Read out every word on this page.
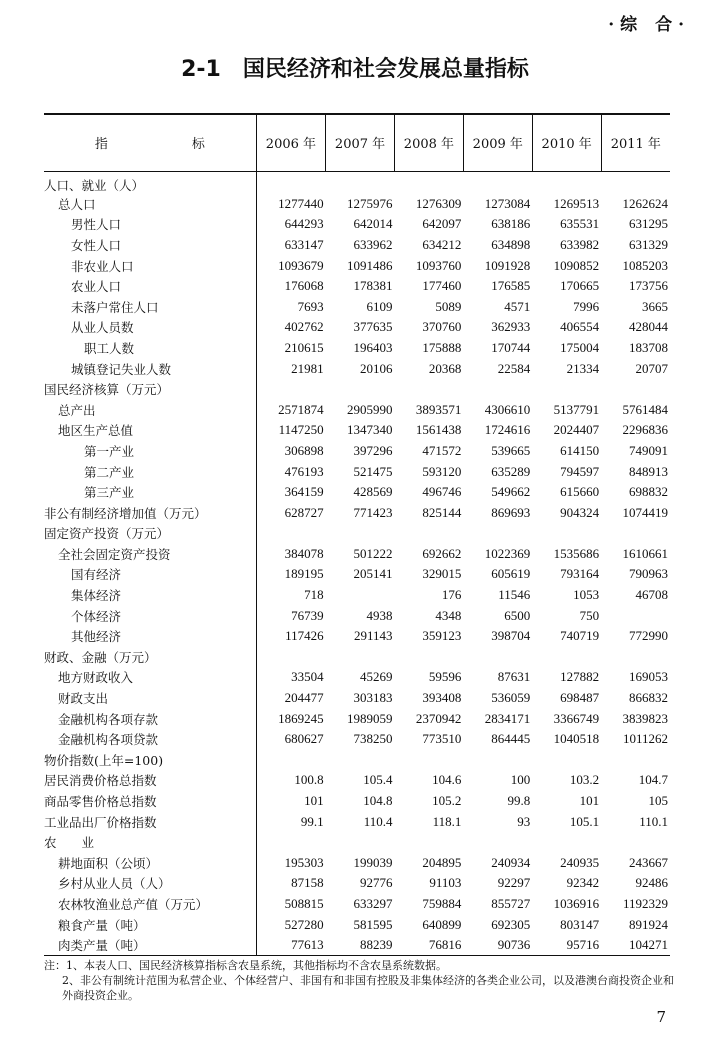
·综 合·
2-1 国民经济和社会发展总量指标
指 标	2006 年	2007 年	2008 年	2009 年	2010 年	2011 年
人口、就业（人）						
总人口	1277440	1275976	1276309	1273084	1269513	1262624
男性人口	644293	642014	642097	638186	635531	631295
女性人口	633147	633962	634212	634898	633982	631329
非农业人口	1093679	1091486	1093760	1091928	1090852	1085203
农业人口	176068	178381	177460	176585	170665	173756
未落户常住人口	7693	6109	5089	4571	7996	3665
从业人员数	402762	377635	370760	362933	406554	428044
职工人数	210615	196403	175888	170744	175004	183708
城镇登记失业人数	21981	20106	20368	22584	21334	20707
国民经济核算（万元）						
总产出	2571874	2905990	3893571	4306610	5137791	5761484
地区生产总值	1147250	1347340	1561438	1724616	2024407	2296836
第一产业	306898	397296	471572	539665	614150	749091
第二产业	476193	521475	593120	635289	794597	848913
第三产业	364159	428569	496746	549662	615660	698832
非公有制经济增加值（万元）	628727	771423	825144	869693	904324	1074419
固定资产投资（万元）						
全社会固定资产投资	384078	501222	692662	1022369	1535686	1610661
国有经济	189195	205141	329015	605619	793164	790963
集体经济	718		176	11546	1053	46708
个体经济	76739	4938	4348	6500	750	
其他经济	117426	291143	359123	398704	740719	772990
财政、金融（万元）						
地方财政收入	33504	45269	59596	87631	127882	169053
财政支出	204477	303183	393408	536059	698487	866832
金融机构各项存款	1869245	1989059	2370942	2834171	3366749	3839823
金融机构各项贷款	680627	738250	773510	864445	1040518	1011262
物价指数(上年=100)						
居民消费价格总指数	100.8	105.4	104.6	100	103.2	104.7
商品零售价格总指数	101	104.8	105.2	99.8	101	105
工业品出厂价格指数	99.1	110.4	118.1	93	105.1	110.1
农　　业						
耕地面积（公顷）	195303	199039	204895	240934	240935	243667
乡村从业人员（人）	87158	92776	91103	92297	92342	92486
农林牧渔业总产值（万元）	508815	633297	759884	855727	1036916	1192329
粮食产量（吨）	527280	581595	640899	692305	803147	891924
肉类产量（吨）	77613	88239	76816	90736	95716	104271
注：1、本表人口、国民经济核算指标含农垦系统，其他指标均不含农垦系统数据。
2、非公有制统计范围为私营企业、个体经营户、非国有和非国有控股及非集体经济的各类企业公司，以及港澳台商投资企业和外商投资企业。
7
